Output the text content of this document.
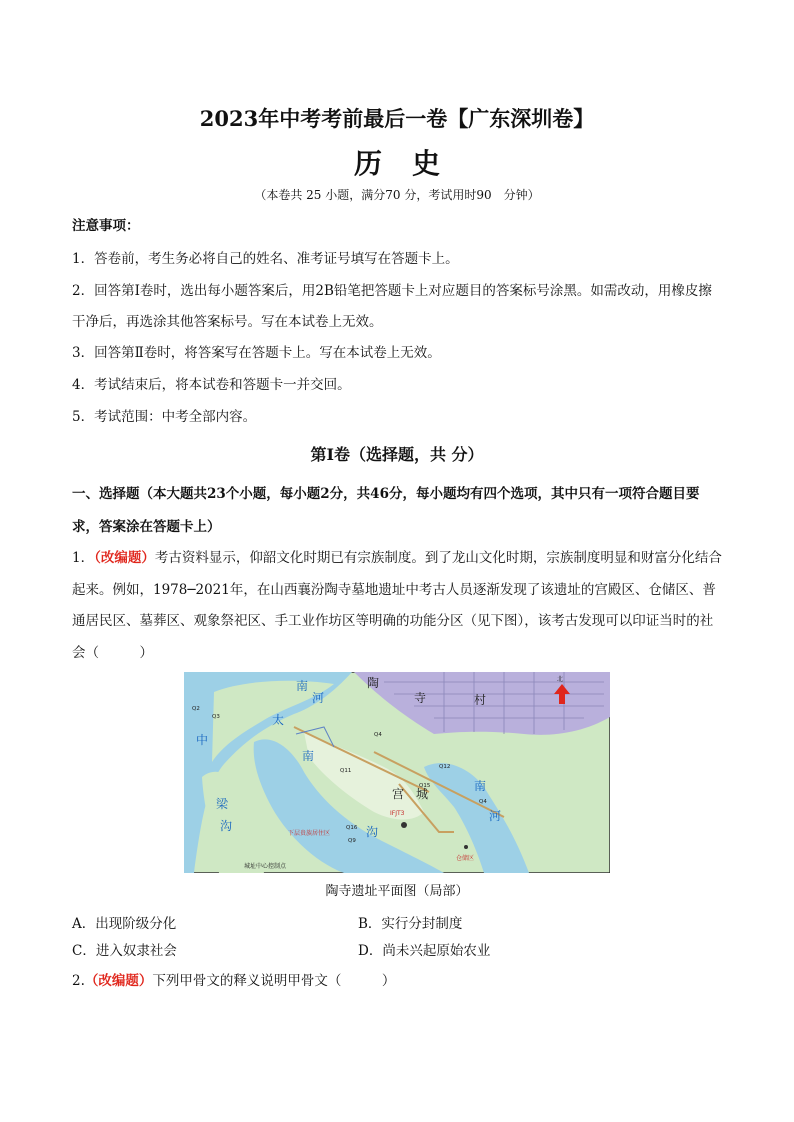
2023年中考考前最后一卷【广东深圳卷】
历史
（本卷共 25 小题，满分70 分，考试用时90　分钟）
注意事项：
1．答卷前，考生务必将自己的姓名、准考证号填写在答题卡上。
2．回答第Ⅰ卷时，选出每小题答案后，用2B铅笔把答题卡上对应题目的答案标号涂黑。如需改动，用橡皮擦干净后，再选涂其他答案标号。写在本试卷上无效。
3．回答第Ⅱ卷时，将答案写在答题卡上。写在本试卷上无效。
4．考试结束后，将本试卷和答题卡一并交回。
5．考试范围：中考全部内容。
第Ⅰ卷（选择题，共 分）
一、选择题（本大题共23个小题，每小题2分，共46分，每小题均有四个选项，其中只有一项符合题目要求，答案涂在答题卡上）
1．（改编题）考古资料显示，仰韶文化时期已有宗族制度。到了龙山文化时期，宗族制度明显和财富分化结合起来。例如，1978─2021年，在山西襄汾陶寺墓地遗址中考古人员逐渐发现了该遗址的宫殿区、仓储区、普通居民区、墓葬区、观象祭祀区、手工业作坊区等明确的功能分区（见下图），该考古发现可以印证当时的社会（　　　）
南
河
太
中
梁
沟
南
沟
南
河
陶
寺	村
宫 城
北
IFJT3
下层贵族居住区
仓储区
城址中心控制点
Q2
Q3
Q4
Q4
Q11
Q12
Q15
Q16
Q9
陶寺遗址平面图（局部）
A．出现阶级分化	B．实行分封制度
C．进入奴隶社会	D．尚未兴起原始农业
2.（改编题）下列甲骨文的释义说明甲骨文（　　　）
